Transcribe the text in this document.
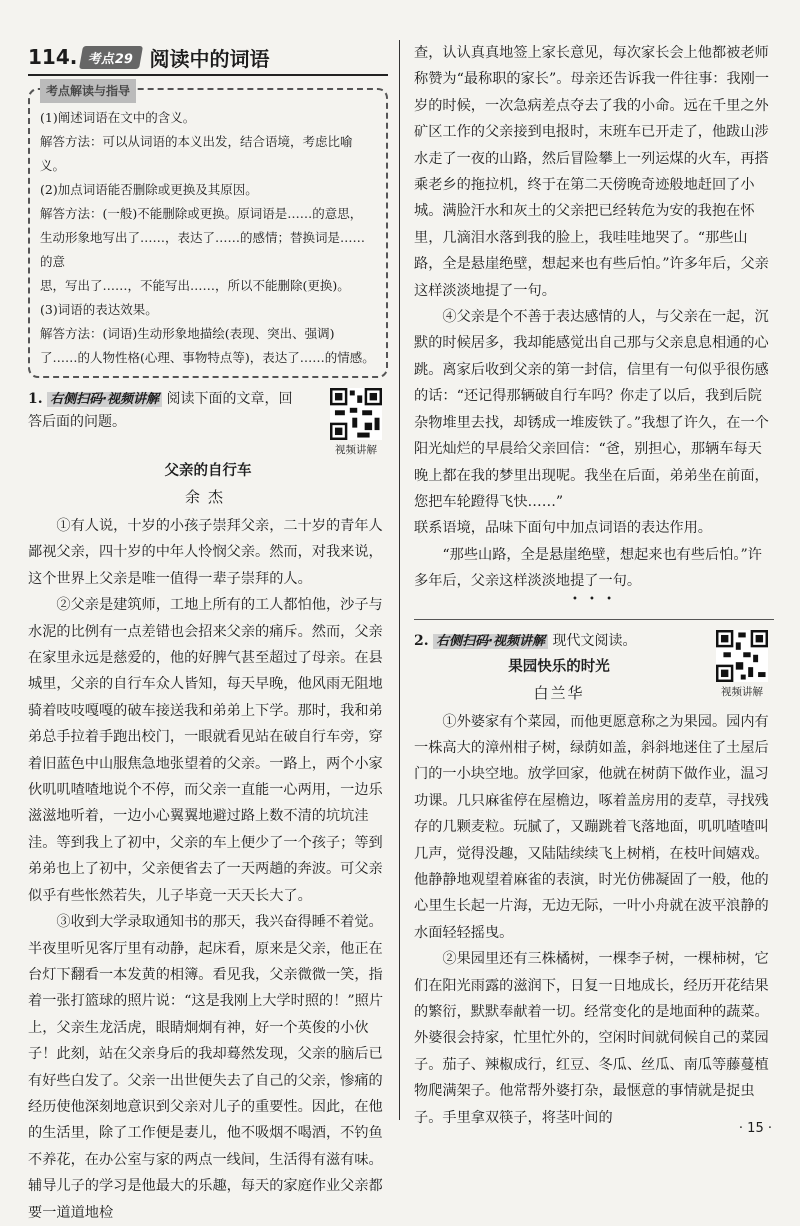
114. 考点29 阅读中的词语
考点解读与指导

(1)阐述词语在文中的含义。

解答方法：可以从词语的本义出发，结合语境，考虑比喻义。

(2)加点词语能否删除或更换及其原因。

解答方法：(一般)不能删除或更换。原词语是……的意思，

生动形象地写出了……，表达了……的感情；替换词是……的意

思，写出了……，不能写出……，所以不能删除(更换)。

(3)词语的表达效果。

解答方法：(词语)生动形象地描绘(表现、突出、强调)

了……的人物性格(心理、事物特点等)，表达了……的情感。

1. 右侧扫码·视频讲解 阅读下面的文章，回答后面的问题。
视频讲解
父亲的自行车
余杰

①有人说，十岁的小孩子崇拜父亲，二十岁的青年人鄙视父亲，四十岁的中年人怜悯父亲。然而，对我来说，这个世界上父亲是唯一值得一辈子崇拜的人。

②父亲是建筑师，工地上所有的工人都怕他，沙子与水泥的比例有一点差错也会招来父亲的痛斥。然而，父亲在家里永远是慈爱的，他的好脾气甚至超过了母亲。在县城里，父亲的自行车众人皆知，每天早晚，他风雨无阻地骑着吱吱嘎嘎的破车接送我和弟弟上下学。那时，我和弟弟总手拉着手跑出校门，一眼就看见站在破自行车旁，穿着旧蓝色中山服焦急地张望着的父亲。一路上，两个小家伙叽叽喳喳地说个不停，而父亲一直能一心两用，一边乐滋滋地听着，一边小心翼翼地避过路上数不清的坑坑洼洼。等到我上了初中，父亲的车上便少了一个孩子；等到弟弟也上了初中，父亲便省去了一天两趟的奔波。可父亲似乎有些怅然若失，儿子毕竟一天天长大了。

③收到大学录取通知书的那天，我兴奋得睡不着觉。半夜里听见客厅里有动静，起床看，原来是父亲，他正在台灯下翻看一本发黄的相簿。看见我，父亲微微一笑，指着一张打篮球的照片说：“这是我刚上大学时照的！”照片上，父亲生龙活虎，眼睛炯炯有神，好一个英俊的小伙子！此刻，站在父亲身后的我却蓦然发现，父亲的脑后已有好些白发了。父亲一出世便失去了自己的父亲，惨痛的经历使他深刻地意识到父亲对儿子的重要性。因此，在他的生活里，除了工作便是妻儿，他不吸烟不喝酒，不钓鱼不养花，在办公室与家的两点一线间，生活得有滋有味。辅导儿子的学习是他最大的乐趣，每天的家庭作业父亲都要一道道地检

查，认认真真地签上家长意见，每次家长会上他都被老师称赞为“最称职的家长”。母亲还告诉我一件往事：我刚一岁的时候，一次急病差点夺去了我的小命。远在千里之外矿区工作的父亲接到电报时，末班车已开走了，他跋山涉水走了一夜的山路，然后冒险攀上一列运煤的火车，再搭乘老乡的拖拉机，终于在第二天傍晚奇迹般地赶回了小城。满脸汗水和灰土的父亲把已经转危为安的我抱在怀里，几滴泪水落到我的脸上，我哇哇地哭了。“那些山路，全是悬崖绝壁，想起来也有些后怕。”许多年后，父亲这样淡淡地提了一句。

④父亲是个不善于表达感情的人，与父亲在一起，沉默的时候居多，我却能感觉出自己那与父亲息息相通的心跳。离家后收到父亲的第一封信，信里有一句似乎很伤感的话：“还记得那辆破自行车吗？你走了以后，我到后院杂物堆里去找，却锈成一堆废铁了。”我想了许久，在一个阳光灿烂的早晨给父亲回信：“爸，别担心，那辆车每天晚上都在我的梦里出现呢。我坐在后面，弟弟坐在前面，您把车轮蹬得飞快……”

联系语境，品味下面句中加点词语的表达作用。

“那些山路，全是悬崖绝壁，想起来也有些后怕。”许多年后，父亲这样淡淡地提了一句。

• • •
2. 右侧扫码·视频讲解 现代文阅读。
果园快乐的时光
白兰华	视频讲解

①外婆家有个菜园，而他更愿意称之为果园。园内有一株高大的漳州柑子树，绿荫如盖，斜斜地迷住了土屋后门的一小块空地。放学回家，他就在树荫下做作业，温习功课。几只麻雀停在屋檐边，啄着盖房用的麦草，寻找残存的几颗麦粒。玩腻了，又蹦跳着飞落地面，叽叽喳喳叫几声，觉得没趣，又陆陆续续飞上树梢，在枝叶间嬉戏。他静静地观望着麻雀的表演，时光仿佛凝固了一般，他的心里生长起一片海，无边无际，一叶小舟就在波平浪静的水面轻轻摇曳。

②果园里还有三株橘树，一棵李子树，一棵柿树，它们在阳光雨露的滋润下，日复一日地成长，经历开花结果的繁衍，默默奉献着一切。经常变化的是地面种的蔬菜。外婆很会持家，忙里忙外的，空闲时间就伺候自己的菜园子。茄子、辣椒成行，红豆、冬瓜、丝瓜、南瓜等藤蔓植物爬满架子。他常帮外婆打杂，最惬意的事情就是捉虫子。手里拿双筷子，将茎叶间的

· 15 ·
